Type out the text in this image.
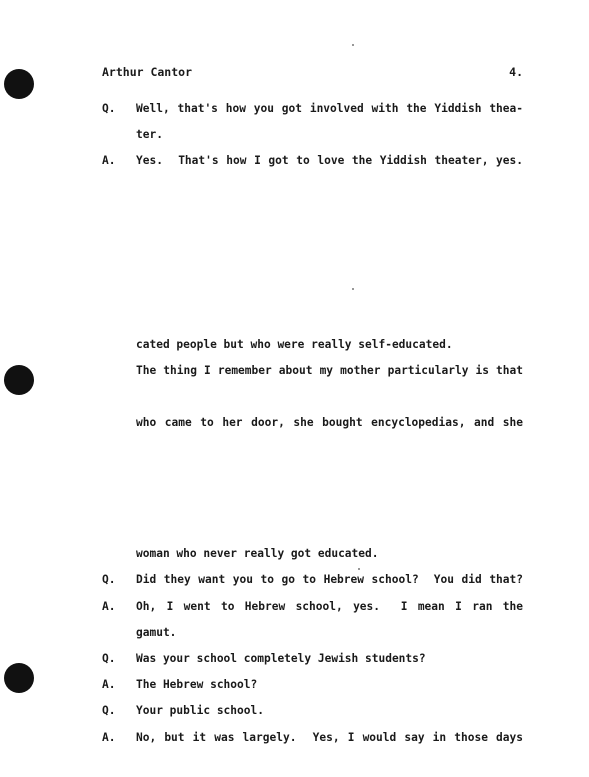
Arthur Cantor	4.
Q. Well, that's how you got involved with the Yiddish thea-
ter.
A. Yes.  That's how I got to love the Yiddish theater, yes.
cated people but who were really self-educated.
The thing I remember about my mother particularly is that
who came to her door, she bought encyclopedias, and she
woman who never really got educated.
Q. Did they want you to go to Hebrew school?  You did that?
A. Oh, I went to Hebrew school, yes.  I mean I ran the
gamut.
Q. Was your school completely Jewish students?
A. The Hebrew school?
Q. Your public school.
A. No, but it was largely.  Yes, I would say in those days
